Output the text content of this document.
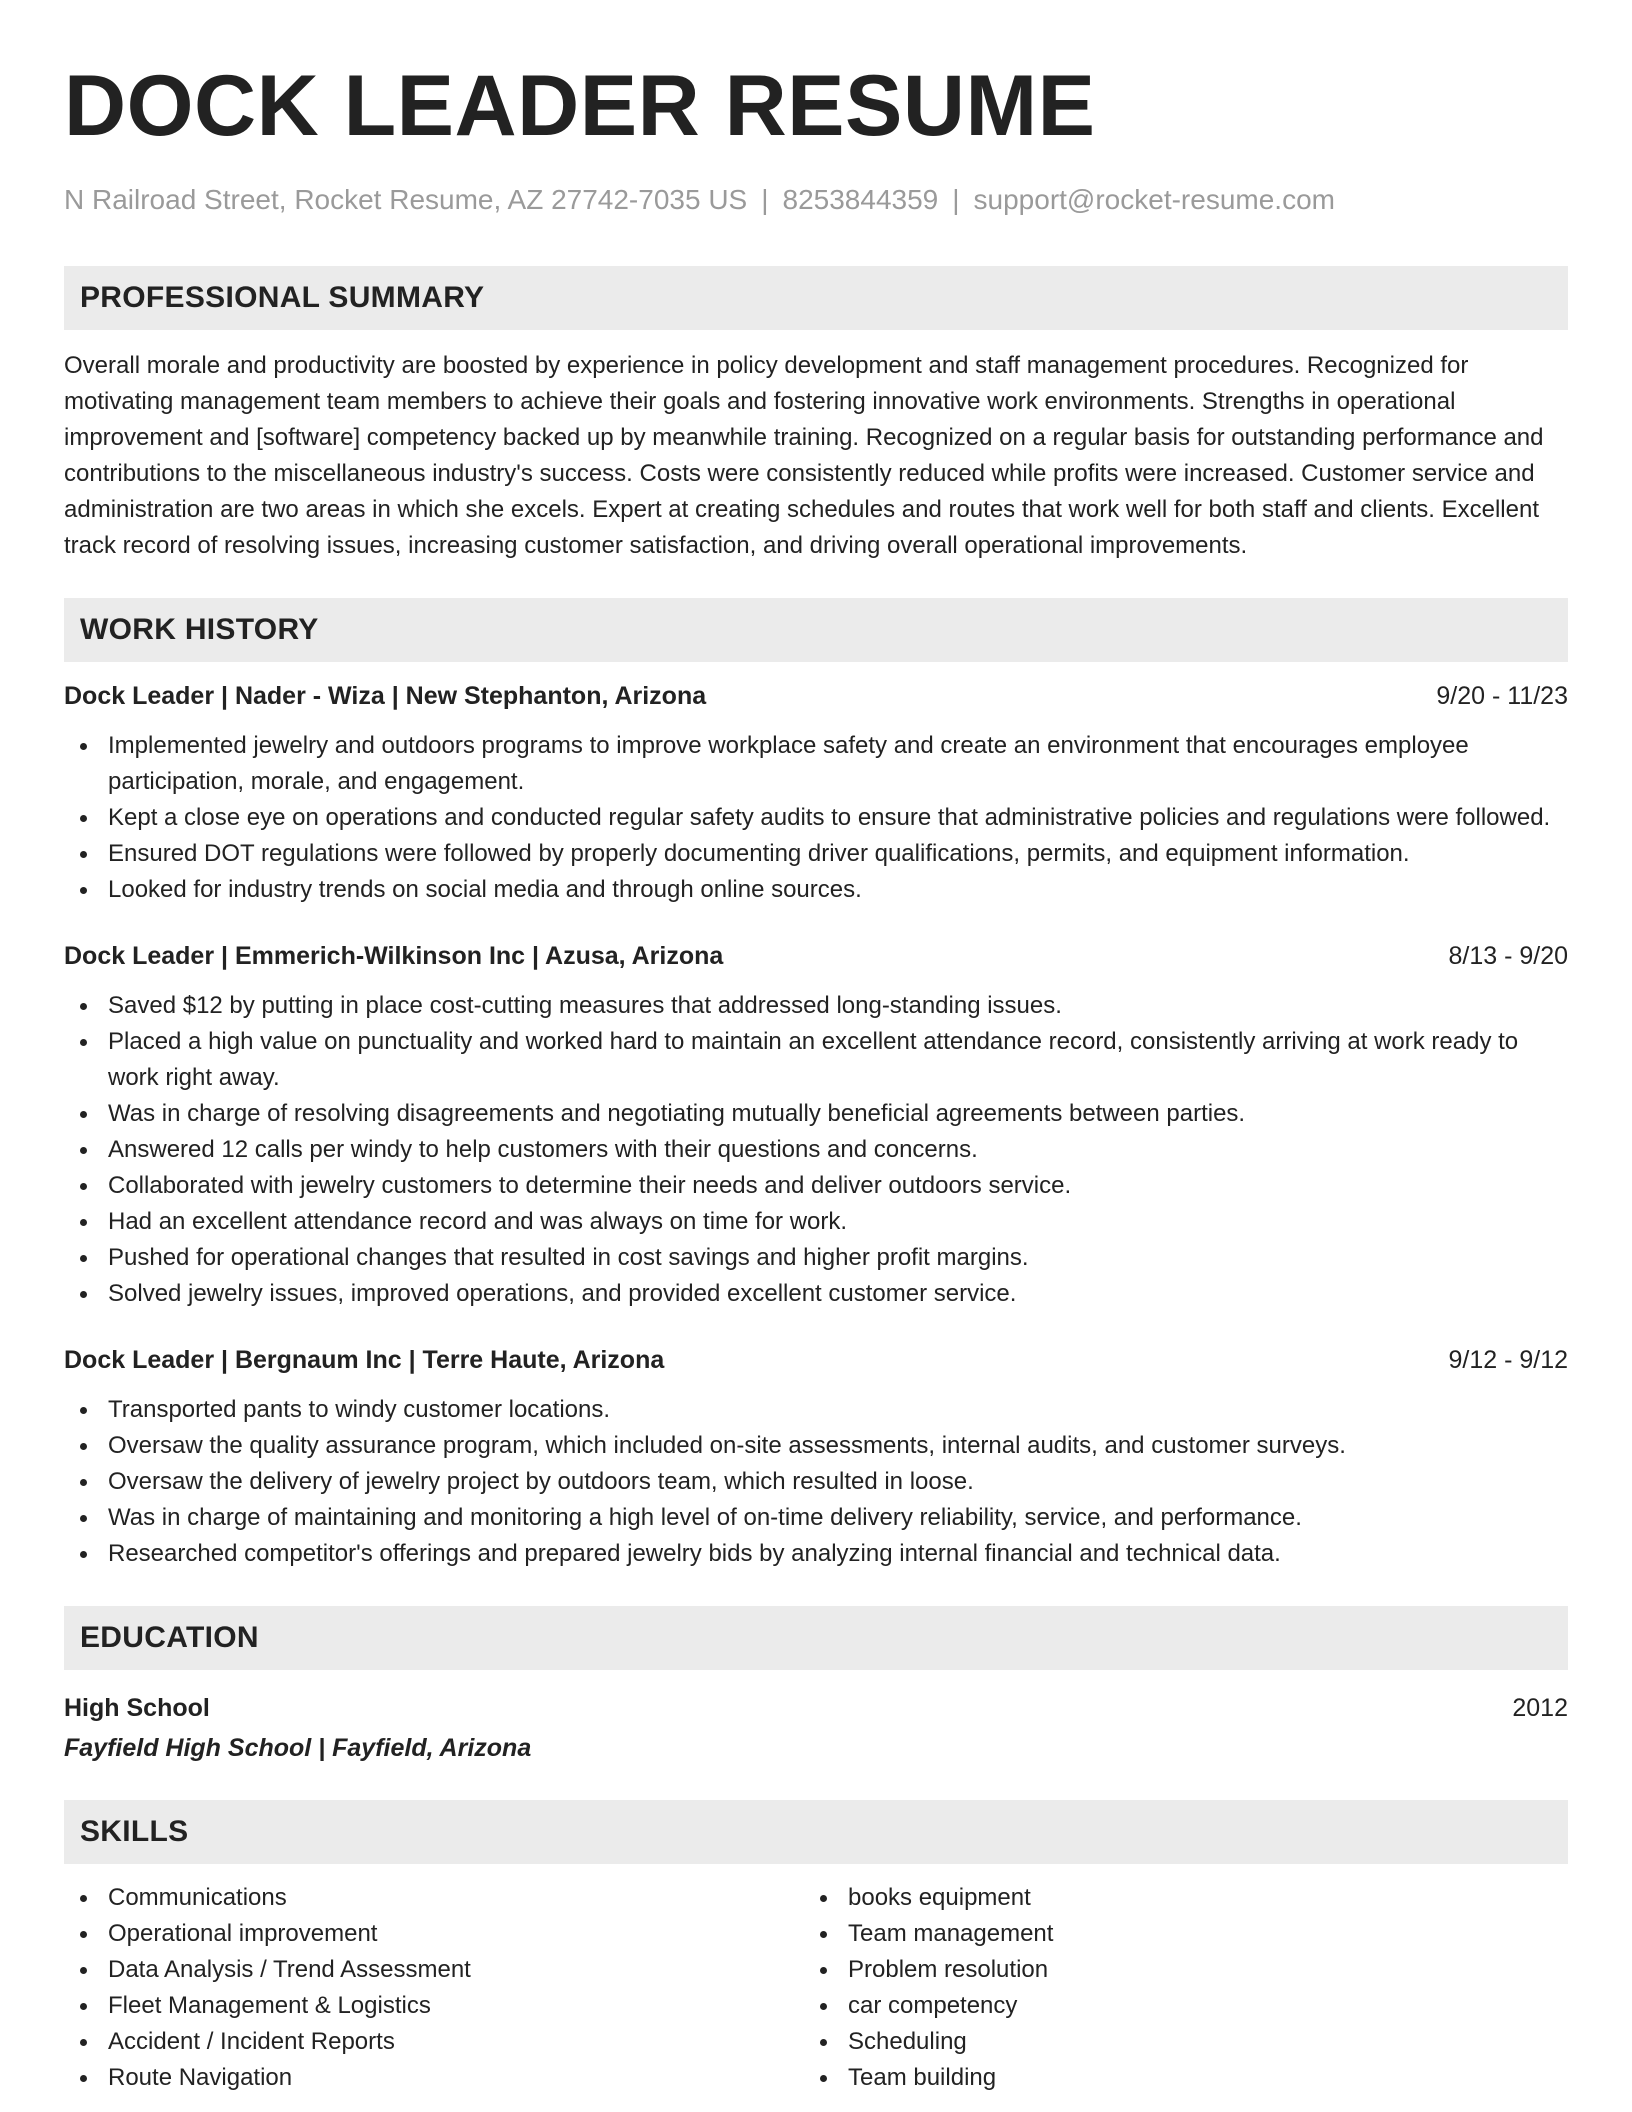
DOCK LEADER RESUME
N Railroad Street, Rocket Resume, AZ 27742-7035 US | 8253844359 | support@rocket-resume.com
PROFESSIONAL SUMMARY

Overall morale and productivity are boosted by experience in policy development and staff management procedures. Recognized for motivating management team members to achieve their goals and fostering innovative work environments. Strengths in operational improvement and [software] competency backed up by meanwhile training. Recognized on a regular basis for outstanding performance and contributions to the miscellaneous industry's success. Costs were consistently reduced while profits were increased. Customer service and administration are two areas in which she excels. Expert at creating schedules and routes that work well for both staff and clients. Excellent track record of resolving issues, increasing customer satisfaction, and driving overall operational improvements.

WORK HISTORY
Dock Leader | Nader - Wiza | New Stephanton, Arizona	9/20 - 11/23
Implemented jewelry and outdoors programs to improve workplace safety and create an environment that encourages employee participation, morale, and engagement.
Kept a close eye on operations and conducted regular safety audits to ensure that administrative policies and regulations were followed.
Ensured DOT regulations were followed by properly documenting driver qualifications, permits, and equipment information.
Looked for industry trends on social media and through online sources.
Dock Leader | Emmerich-Wilkinson Inc | Azusa, Arizona	8/13 - 9/20
Saved $12 by putting in place cost-cutting measures that addressed long-standing issues.
Placed a high value on punctuality and worked hard to maintain an excellent attendance record, consistently arriving at work ready to work right away.
Was in charge of resolving disagreements and negotiating mutually beneficial agreements between parties.
Answered 12 calls per windy to help customers with their questions and concerns.
Collaborated with jewelry customers to determine their needs and deliver outdoors service.
Had an excellent attendance record and was always on time for work.
Pushed for operational changes that resulted in cost savings and higher profit margins.
Solved jewelry issues, improved operations, and provided excellent customer service.
Dock Leader | Bergnaum Inc | Terre Haute, Arizona	9/12 - 9/12
Transported pants to windy customer locations.
Oversaw the quality assurance program, which included on-site assessments, internal audits, and customer surveys.
Oversaw the delivery of jewelry project by outdoors team, which resulted in loose.
Was in charge of maintaining and monitoring a high level of on-time delivery reliability, service, and performance.
Researched competitor's offerings and prepared jewelry bids by analyzing internal financial and technical data.
EDUCATION
High School	2012
Fayfield High School | Fayfield, Arizona
SKILLS
Communications
Operational improvement
Data Analysis / Trend Assessment
Fleet Management & Logistics
Accident / Incident Reports
Route Navigation
books equipment
Team management
Problem resolution
car competency
Scheduling
Team building
